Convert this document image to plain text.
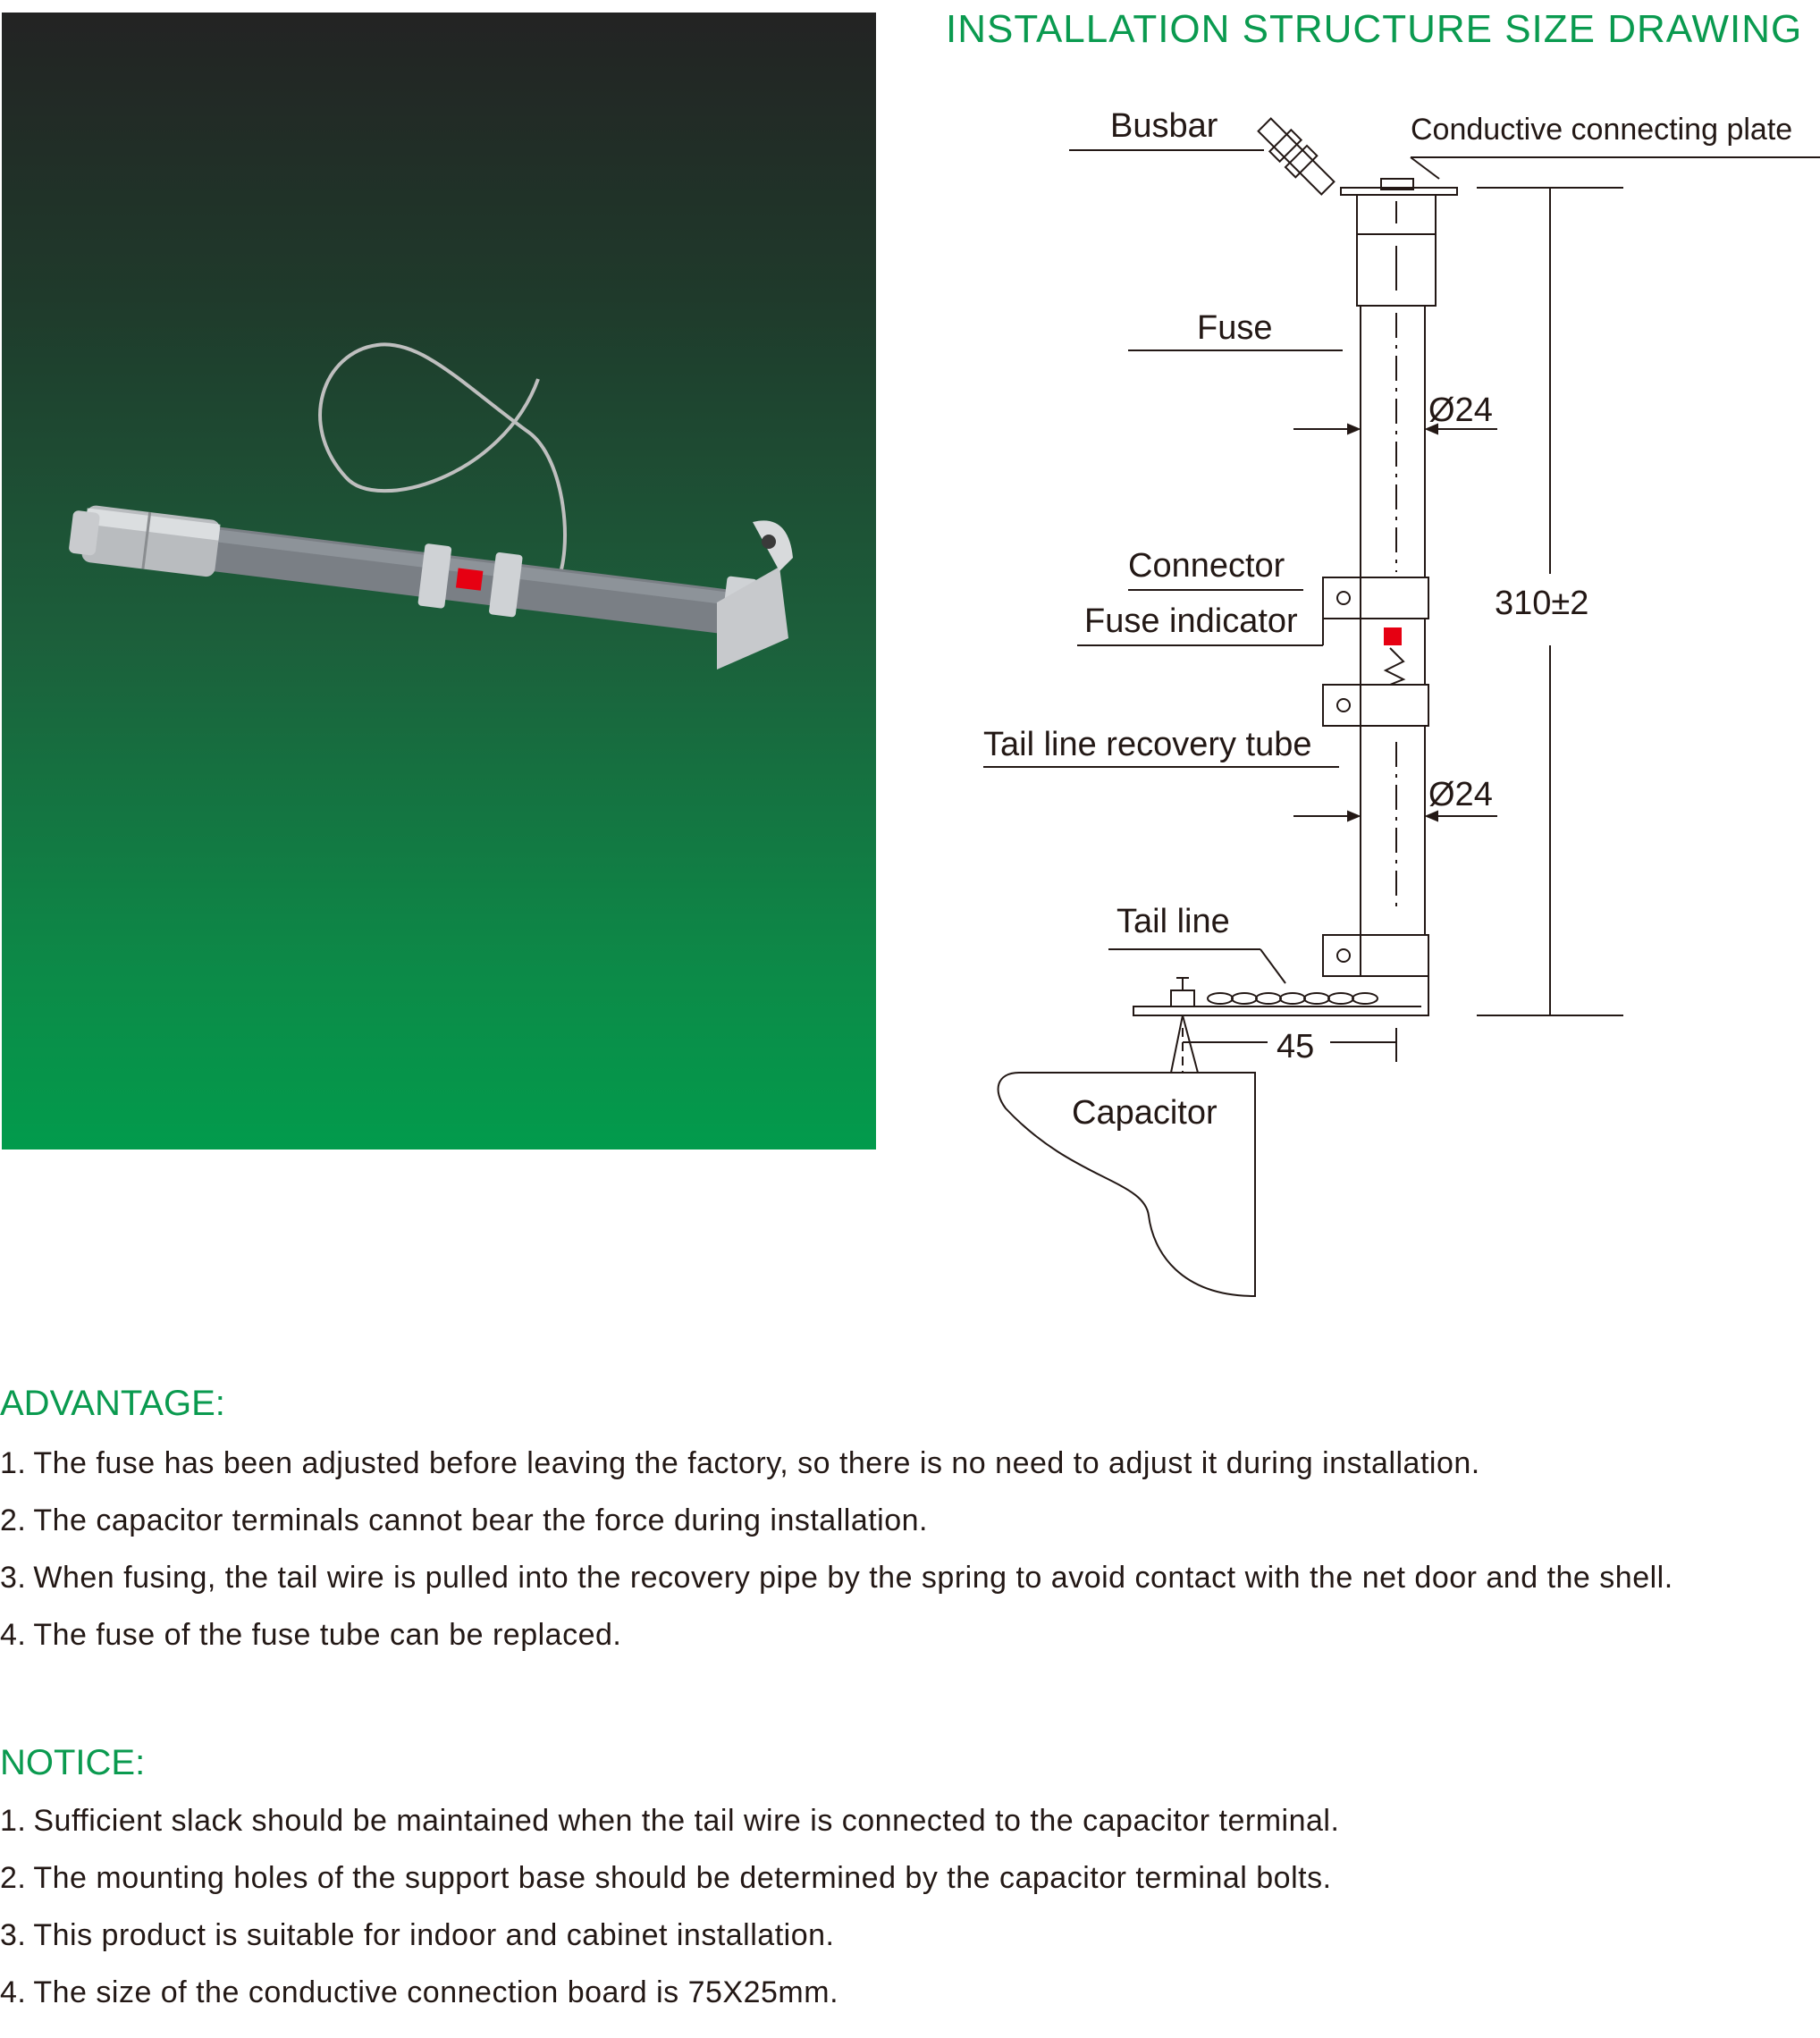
INSTALLATION STRUCTURE SIZE DRAWING
Busbar	Conductive connecting plate
Fuse
Ø24
Connector
Fuse indicator	310±2
Tail line recovery tube
Ø24
Tail line
45
Capacitor
ADVANTAGE:
1. The fuse has been adjusted before leaving the factory, so there is no need to adjust it during installation.
2. The capacitor terminals cannot bear the force during installation.
3. When fusing, the tail wire is pulled into the recovery pipe by the spring to avoid contact with the net door and the shell.
4. The fuse of the fuse tube can be replaced.
NOTICE:
1. Sufficient slack should be maintained when the tail wire is connected to the capacitor terminal.
2. The mounting holes of the support base should be determined by the capacitor terminal bolts.
3. This product is suitable for indoor and cabinet installation.
4. The size of the conductive connection board is 75X25mm.
